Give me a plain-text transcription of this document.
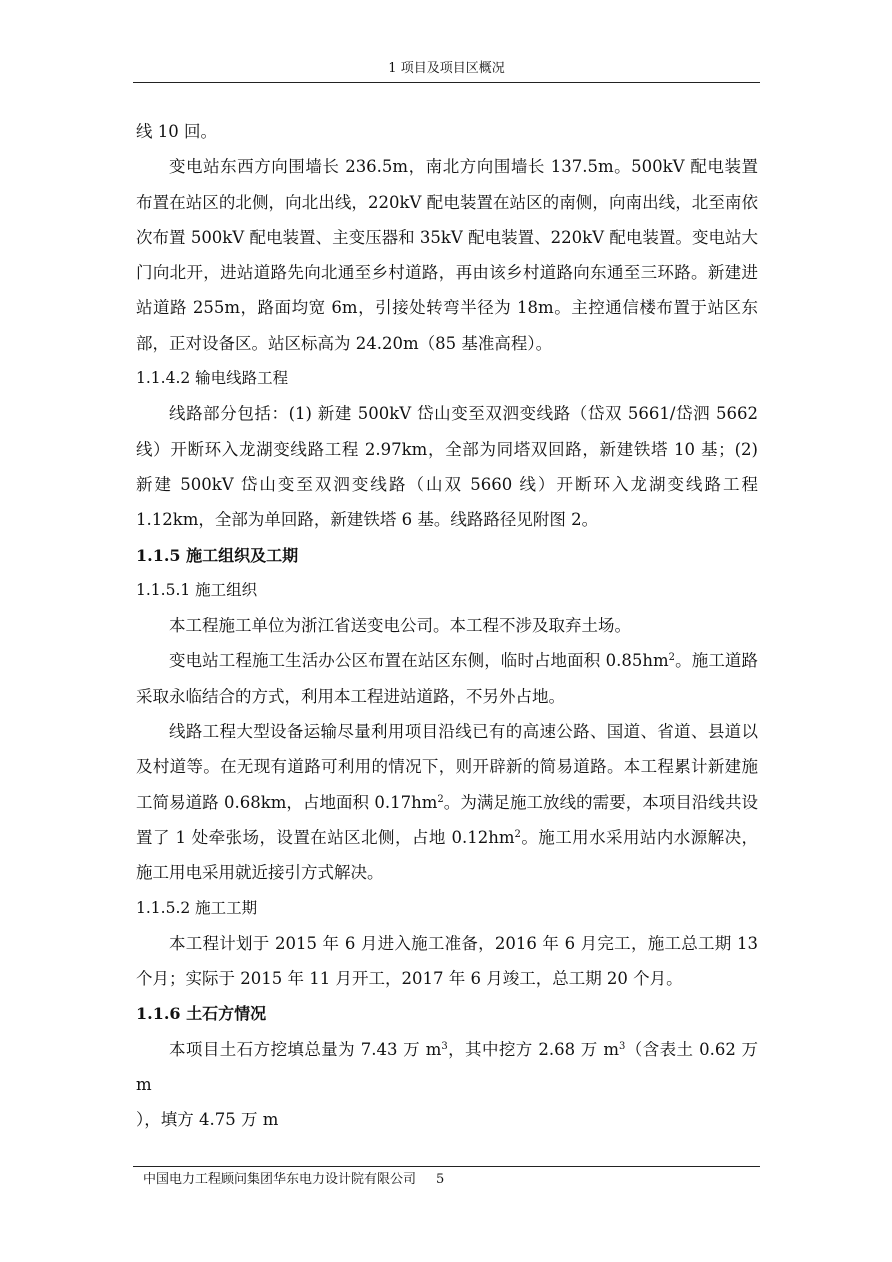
1 项目及项目区概况

线 10 回。

变电站东西方向围墙长 236.5m，南北方向围墙长 137.5m。500kV 配电装置布置在站区的北侧，向北出线，220kV 配电装置在站区的南侧，向南出线，北至南依次布置 500kV 配电装置、主变压器和 35kV 配电装置、220kV 配电装置。变电站大门向北开，进站道路先向北通至乡村道路，再由该乡村道路向东通至三环路。新建进站道路 255m，路面均宽 6m，引接处转弯半径为 18m。主控通信楼布置于站区东部，正对设备区。站区标高为 24.20m（85 基准高程）。

1.1.4.2 输电线路工程

线路部分包括：(1) 新建 500kV 岱山变至双泗变线路（岱双 5661/岱泗 5662 线）开断环入龙湖变线路工程 2.97km，全部为同塔双回路，新建铁塔 10 基；(2) 新建 500kV 岱山变至双泗变线路（山双 5660 线）开断环入龙湖变线路工程 1.12km，全部为单回路，新建铁塔 6 基。线路路径见附图 2。

1.1.5 施工组织及工期

1.1.5.1 施工组织

本工程施工单位为浙江省送变电公司。本工程不涉及取弃土场。

变电站工程施工生活办公区布置在站区东侧，临时占地面积 $0.85hm^2$。施工道路采取永临结合的方式，利用本工程进站道路，不另外占地。

线路工程大型设备运输尽量利用项目沿线已有的高速公路、国道、省道、县道以及村道等。在无现有道路可利用的情况下，则开辟新的简易道路。本工程累计新建施工简易道路 0.68km，占地面积 $0.17hm^2$。为满足施工放线的需要，本项目沿线共设置了 1 处牵张场，设置在站区北侧，占地 $0.12hm^2$。施工用水采用站内水源解决，施工用电采用就近接引方式解决。

1.1.5.2 施工工期

本工程计划于 2015 年 6 月进入施工准备，2016 年 6 月完工，施工总工期 13 个月；实际于 2015 年 11 月开工，2017 年 6 月竣工，总工期 20 个月。

1.1.6 土石方情况

本项目土石方挖填总量为 7.43 万 $m^3$，其中挖方 2.68 万 $m^3$（含表土 0.62 万 m
），填方 4.75 万 m

中国电力工程顾问集团华东电力设计院有限公司 5
